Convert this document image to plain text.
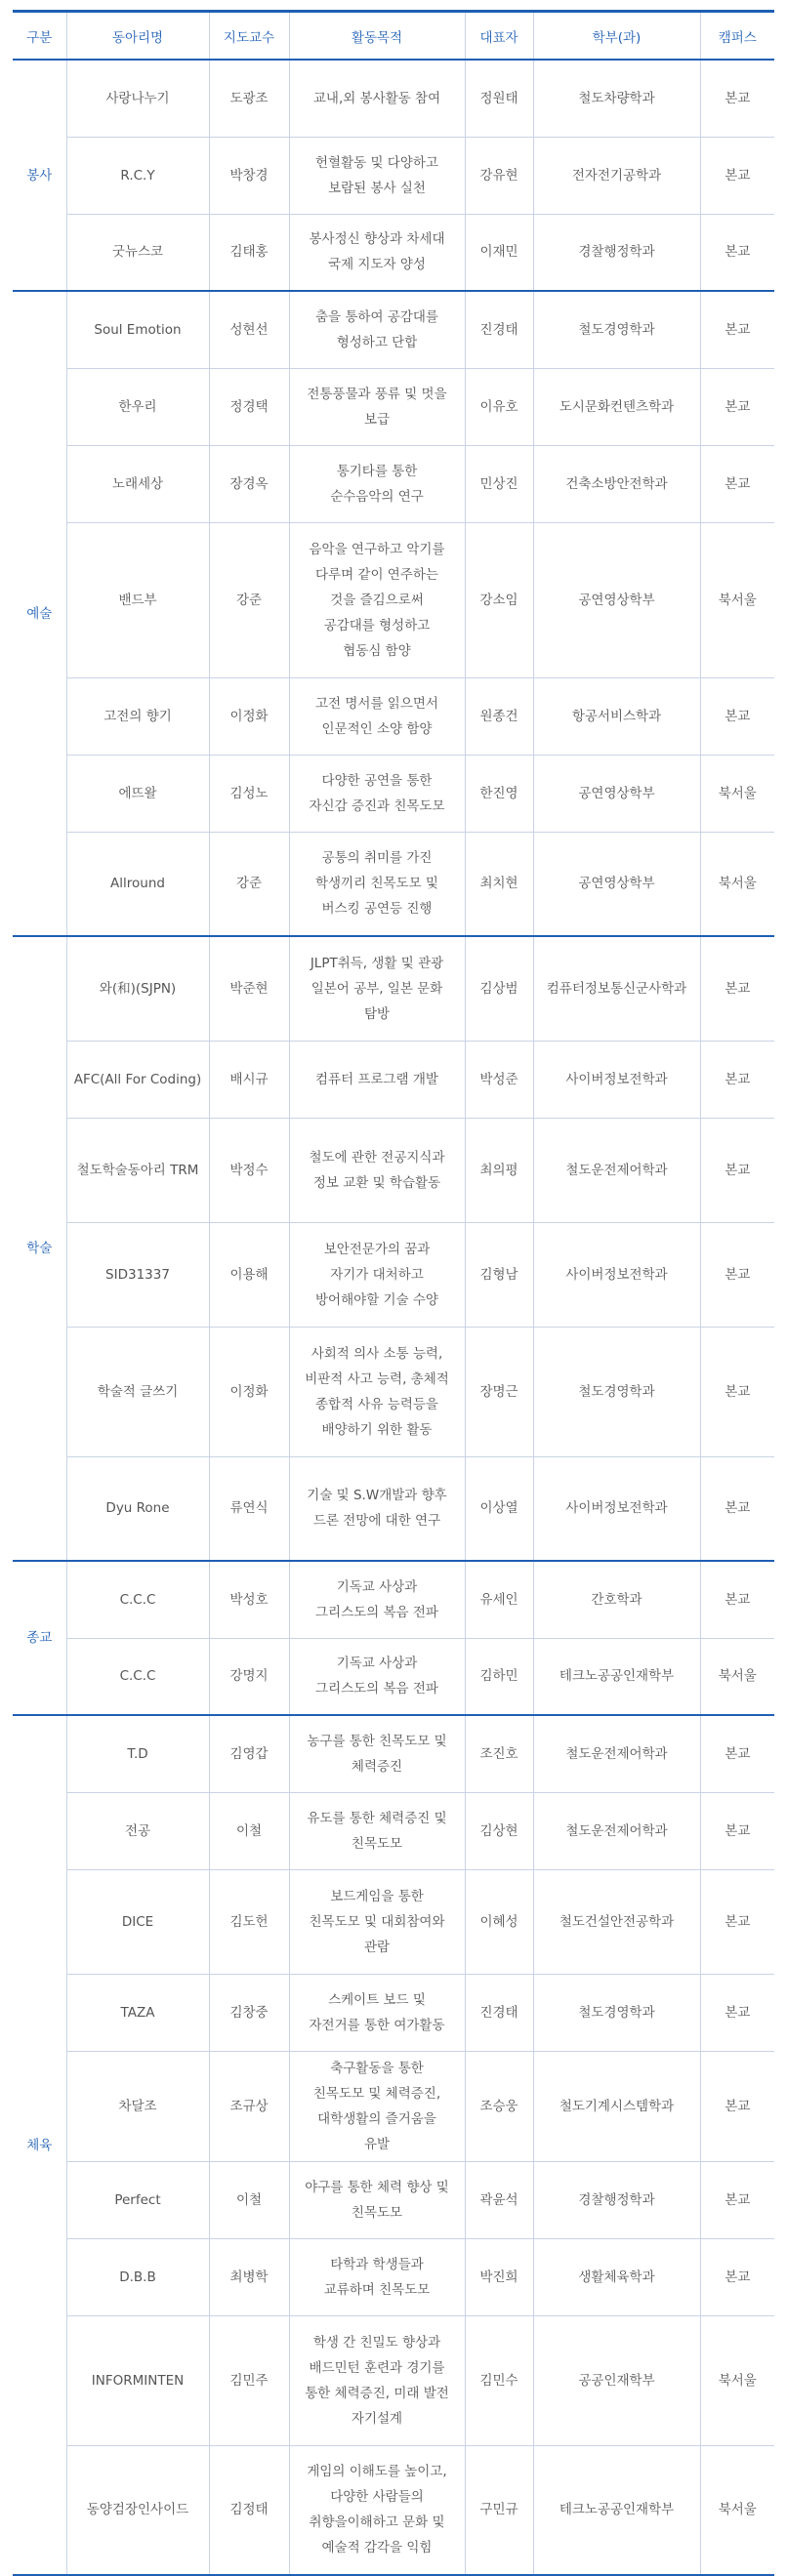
구분	동아리명	지도교수	활동목적	대표자	학부(과)	캠퍼스
봉사	사랑나누기	도광조	교내,외 봉사활동 참여	정원태	철도차량학과	본교
	R.C.Y	박창경	헌혈활동 및 다양하고 보람된 봉사 실천	강유현	전자전기공학과	본교
	굿뉴스코	김태홍	봉사정신 향상과 차세대 국제 지도자 양성	이재민	경찰행정학과	본교
예술	Soul Emotion	성현선	춤을 통하여 공감대를 형성하고 단합	진경태	철도경영학과	본교
	한우리	정경택	전통풍물과 풍류 및 멋을 보급	이유호	도시문화컨텐츠학과	본교
	노래세상	장경옥	통기타를 통한 순수음악의 연구	민상진	건축소방안전학과	본교
	밴드부	강준	음악을 연구하고 악기를 다루며 같이 연주하는 것을 즐김으로써 공감대를 형성하고 협동심 함양	강소임	공연영상학부	북서울
	고전의 향기	이정화	고전 명서를 읽으면서 인문적인 소양 함양	원종건	항공서비스학과	본교
	에뜨왈	김성노	다양한 공연을 통한 자신감 증진과 친목도모	한진영	공연영상학부	북서울
	Allround	강준	공통의 취미를 가진 학생끼리 친목도모 및 버스킹 공연등 진행	최치현	공연영상학부	북서울
학술	와(和)(SJPN)	박준현	JLPT취득, 생활 및 관광 일본어 공부, 일본 문화 탐방	김상범	컴퓨터정보통신군사학과	본교
	AFC(All For Coding)	배시규	컴퓨터 프로그램 개발	박성준	사이버정보전학과	본교
	철도학술동아리 TRM	박정수	철도에 관한 전공지식과 정보 교환 및 학습활동	최의평	철도운전제어학과	본교
	SID31337	이용해	보안전문가의 꿈과 자기가 대처하고 방어해야할 기술 수양	김형남	사이버정보전학과	본교
	학술적 글쓰기	이정화	사회적 의사 소통 능력, 비판적 사고 능력, 총체적 종합적 사유 능력등을 배양하기 위한 활동	장명근	철도경영학과	본교
	Dyu Rone	류연식	기술 및 S.W개발과 향후 드론 전망에 대한 연구	이상열	사이버정보전학과	본교
종교	C.C.C	박성호	기독교 사상과 그리스도의 복음 전파	유세인	간호학과	본교
	C.C.C	강명지	기독교 사상과 그리스도의 복음 전파	김하민	테크노공공인재학부	북서울
체육	T.D	김영갑	농구를 통한 친목도모 및 체력증진	조진호	철도운전제어학과	본교
	전공	이철	유도를 통한 체력증진 및 친목도모	김상현	철도운전제어학과	본교
	DICE	김도헌	보드게임을 통한 친목도모 및 대회참여와 관람	이혜성	철도건설안전공학과	본교
	TAZA	김창중	스케이트 보드 및 자전거를 통한 여가활동	진경태	철도경영학과	본교
	차달조	조규상	축구활동을 통한 친목도모 및 체력증진, 대학생활의 즐거움을 유발	조승웅	철도기계시스템학과	본교
	Perfect	이철	야구를 통한 체력 향상 및 친목도모	곽윤석	경찰행정학과	본교
	D.B.B	최병학	타학과 학생들과 교류하며 친목도모	박진희	생활체육학과	본교
	INFORMINTEN	김민주	학생 간 친밀도 향상과 배드민턴 훈련과 경기를 통한 체력증진, 미래 발전 자기설계	김민수	공공인재학부	북서울
	동양검장인사이드	김정태	게임의 이해도를 높이고, 다양한 사람들의 취향을이해하고 문화 및 예술적 감각을 익힘	구민규	테크노공공인재학부	북서울
